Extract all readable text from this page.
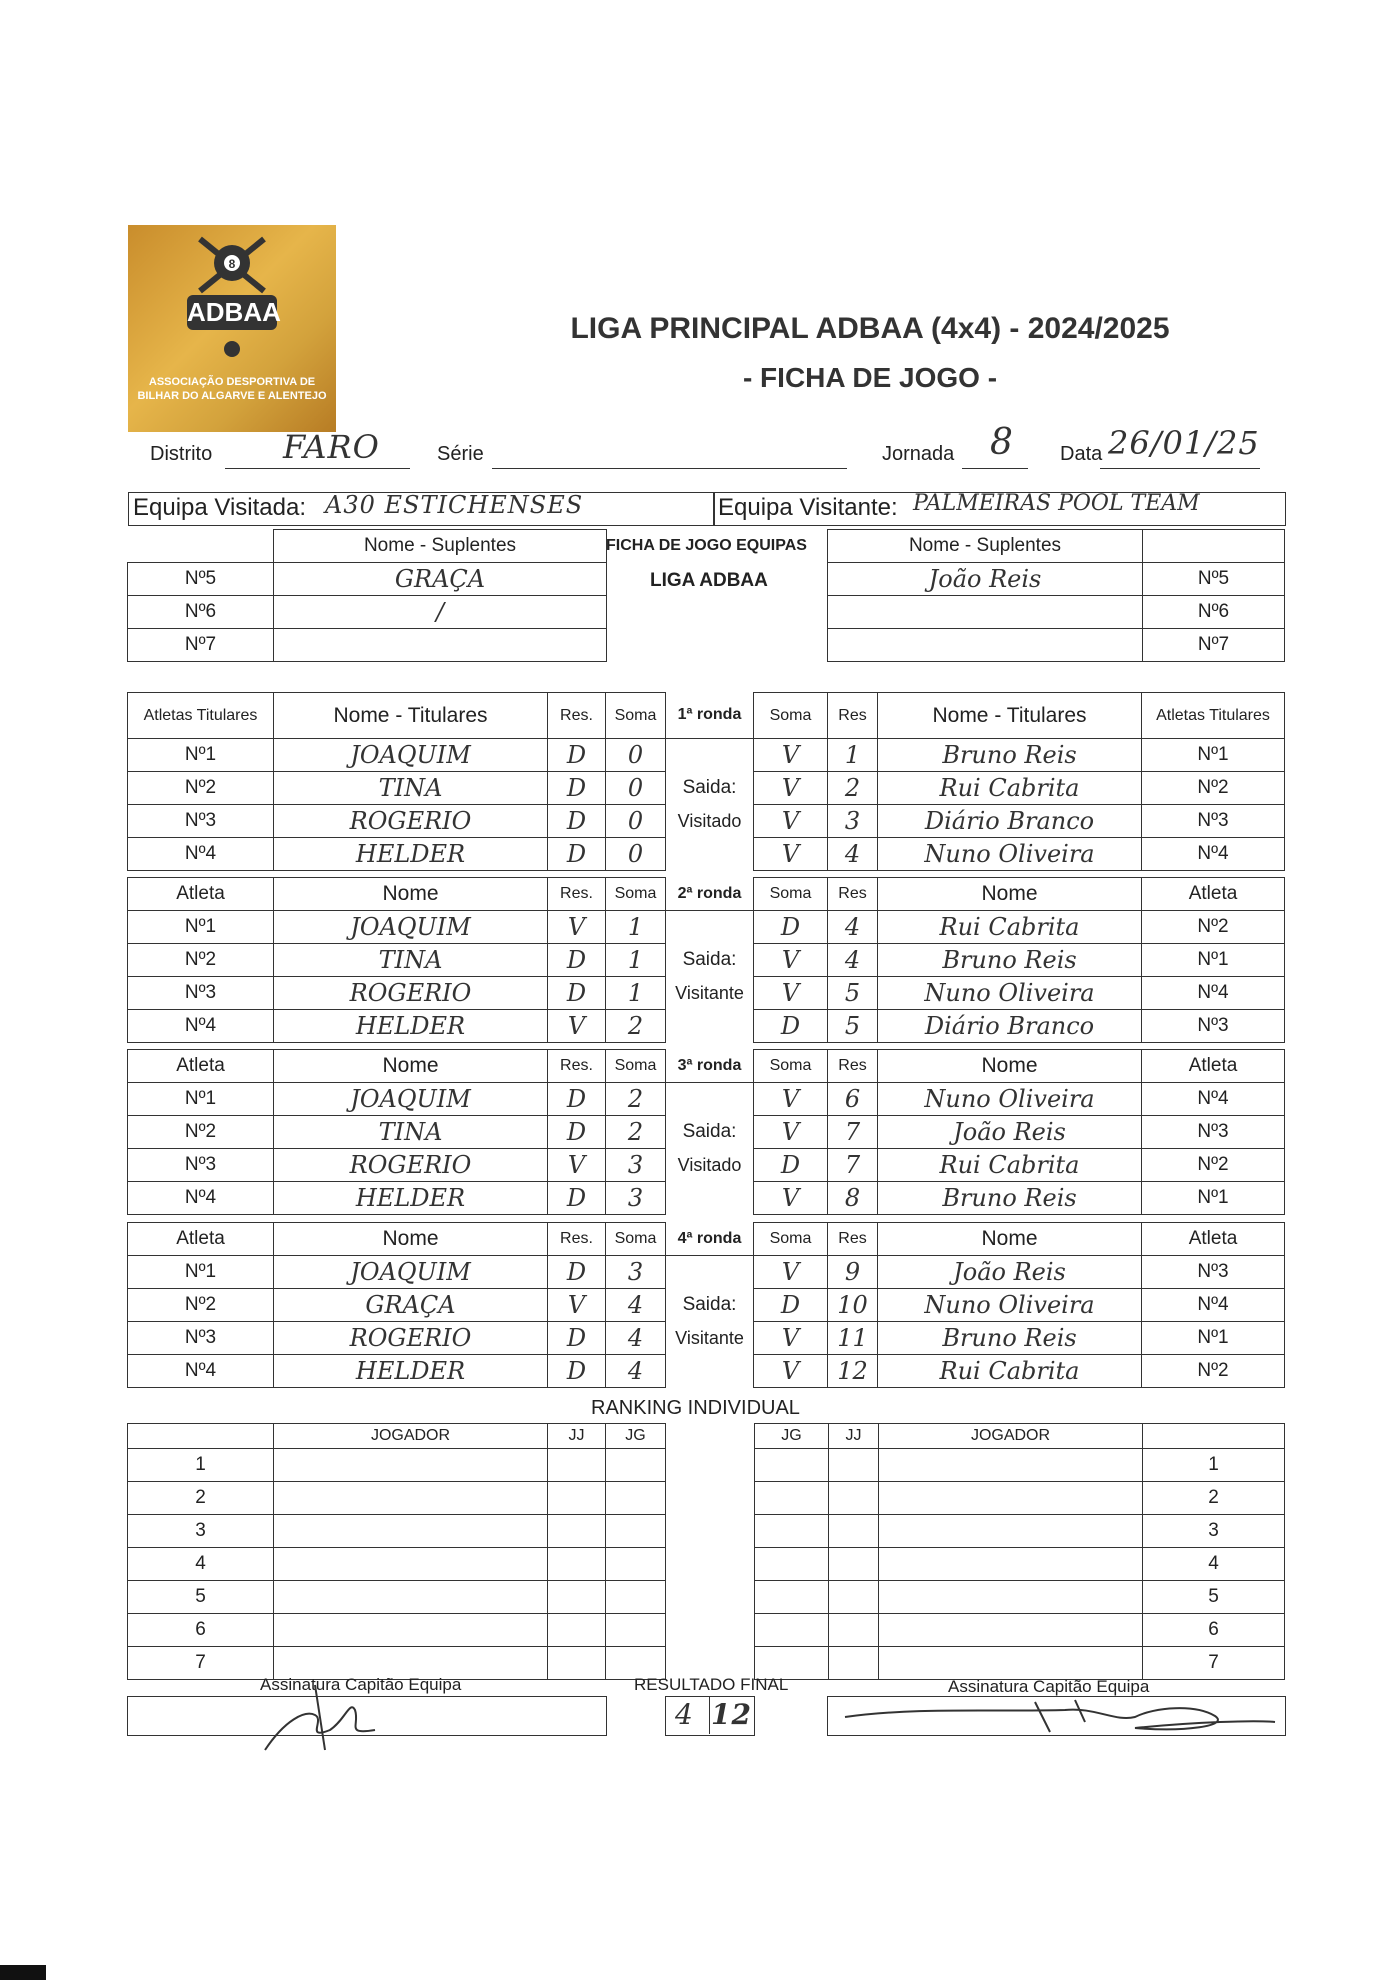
8
ADBAA
ASSOCIAÇÃO DESPORTIVA DE BILHAR DO ALGARVE E ALENTEJO
LIGA PRINCIPAL ADBAA (4x4) - 2024/2025
- FICHA DE JOGO -
Distrito FARO	Série	Jornada 8 Data 26/01/25
Equipa Visitada: A30 ESTICHENSES	Equipa Visitante: PALMEIRAS POOL TEAM
	Nome - Suplentes
Nº5	GRAÇA
Nº6	/
Nº7	
FICHA DE JOGO EQUIPAS
LIGA ADBAA
Nome - Suplentes	
João Reis	Nº5
	Nº6
	Nº7
Atletas Titulares	Nome - Titulares	Res.	Soma	1ª ronda	Soma	Res	Nome - Titulares	Atletas Titulares
Nº1	JOAQUIM	D	0		V	1	Bruno Reis	Nº1
Nº2	TINA	D	0	Saida:	V	2	Rui Cabrita	Nº2
Nº3	ROGERIO	D	0	Visitado	V	3	Diário Branco	Nº3
Nº4	HELDER	D	0		V	4	Nuno Oliveira	Nº4
Atleta	Nome	Res.	Soma	2ª ronda	Soma	Res	Nome	Atleta
Nº1	JOAQUIM	V	1		D	4	Rui Cabrita	Nº2
Nº2	TINA	D	1	Saida:	V	4	Bruno Reis	Nº1
Nº3	ROGERIO	D	1	Visitante	V	5	Nuno Oliveira	Nº4
Nº4	HELDER	V	2		D	5	Diário Branco	Nº3
Atleta	Nome	Res.	Soma	3ª ronda	Soma	Res	Nome	Atleta
Nº1	JOAQUIM	D	2		V	6	Nuno Oliveira	Nº4
Nº2	TINA	D	2	Saida:	V	7	João Reis	Nº3
Nº3	ROGERIO	V	3	Visitado	D	7	Rui Cabrita	Nº2
Nº4	HELDER	D	3		V	8	Bruno Reis	Nº1
Atleta	Nome	Res.	Soma	4ª ronda	Soma	Res	Nome	Atleta
Nº1	JOAQUIM	D	3		V	9	João Reis	Nº3
Nº2	GRAÇA	V	4	Saida:	D	10	Nuno Oliveira	Nº4
Nº3	ROGERIO	D	4	Visitante	V	11	Bruno Reis	Nº1
Nº4	HELDER	D	4		V	12	Rui Cabrita	Nº2
RANKING INDIVIDUAL
	JOGADOR	JJ	JG
1			
2			
3			
4			
5			
6			
7			
JG	JJ	JOGADOR	
			1
			2
			3
			4
			5
			6
			7
Assinatura Capitão Equipa	RESULTADO FINAL
4 12
Assinatura Capitão Equipa
